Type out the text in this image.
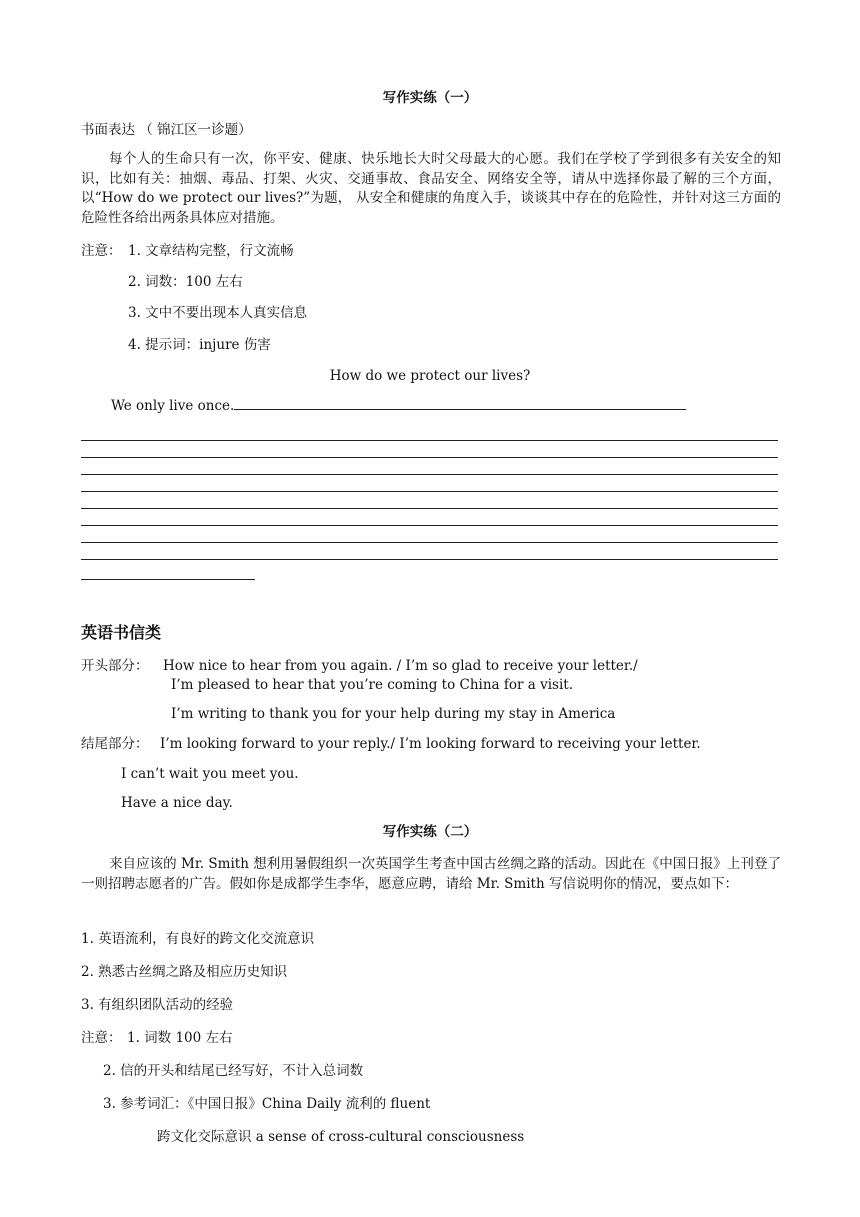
写作实练（一）
书面表达 （ 锦江区一诊题）
每个人的生命只有一次，你平安、健康、快乐地长大时父母最大的心愿。我们在学校了学到很多有关安全的知识，比如有关：抽烟、毒品、打架、火灾、交通事故、食品安全、网络安全等，请从中选择你最了解的三个方面，以“How do we protect our lives?”为题， 从安全和健康的角度入手，谈谈其中存在的危险性，并针对这三方面的危险性各给出两条具体应对措施。
注意： 1. 文章结构完整，行文流畅
2. 词数：100 左右
3. 文中不要出现本人真实信息
4. 提示词：injure 伤害
How do we protect our lives?
We only live once.
英语书信类
开头部分： How nice to hear from you again. / I’m so glad to receive your letter./
I’m pleased to hear that you’re coming to China for a visit.
I’m writing to thank you for your help during my stay in America
结尾部分： I’m looking forward to your reply./ I’m looking forward to receiving your letter.
I can’t wait you meet you.
Have a nice day.
写作实练（二）
来自应该的 Mr. Smith 想利用暑假组织一次英国学生考查中国古丝绸之路的活动。因此在《中国日报》上刊登了一则招聘志愿者的广告。假如你是成都学生李华，愿意应聘，请给 Mr. Smith 写信说明你的情况，要点如下：
1. 英语流利，有良好的跨文化交流意识
2. 熟悉古丝绸之路及相应历史知识
3. 有组织团队活动的经验
注意： 1. 词数 100 左右
2. 信的开头和结尾已经写好，不计入总词数
3. 参考词汇：《中国日报》China Daily 流利的 fluent
跨文化交际意识 a sense of cross-cultural consciousness
